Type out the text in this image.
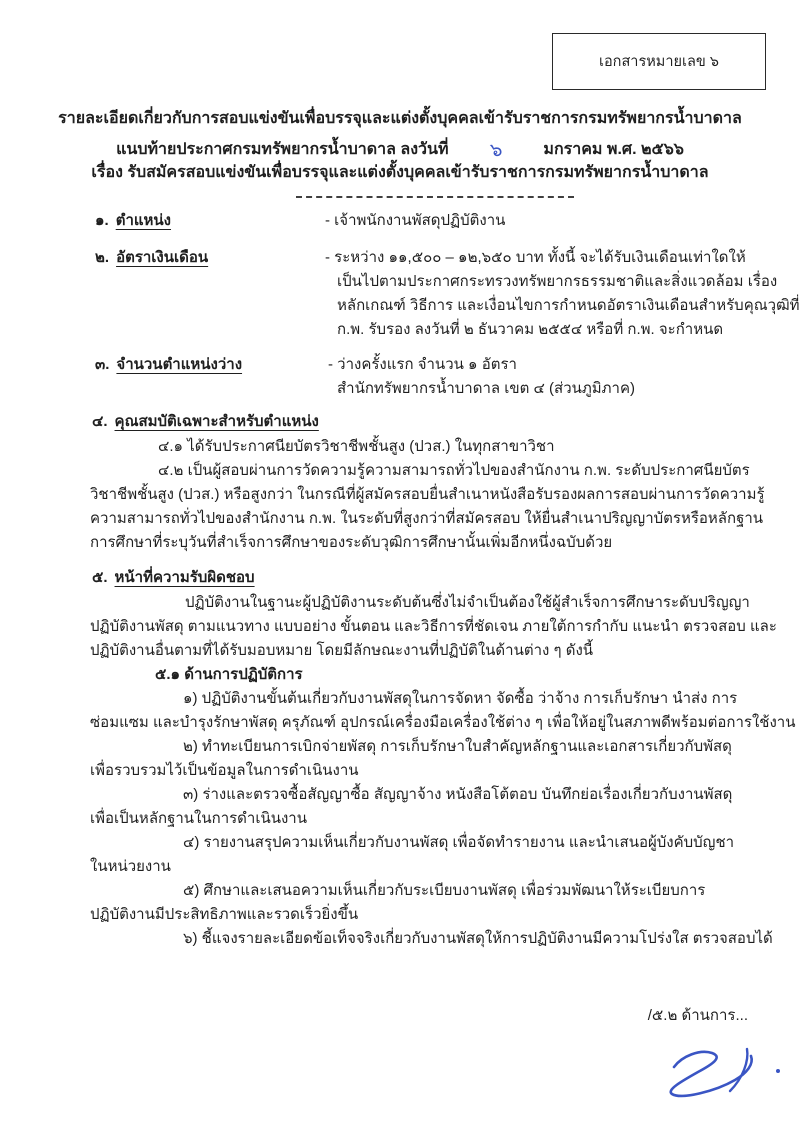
เอกสารหมายเลข ๖
รายละเอียดเกี่ยวกับการสอบแข่งขันเพื่อบรรจุและแต่งตั้งบุคคลเข้ารับราชการกรมทรัพยากรน้ำบาดาล
แนบท้ายประกาศกรมทรัพยากรน้ำบาดาล ลงวันที่ ๖	มกราคม พ.ศ. ๒๕๖๖
เรื่อง รับสมัครสอบแข่งขันเพื่อบรรจุและแต่งตั้งบุคคลเข้ารับราชการกรมทรัพยากรน้ำบาดาล
๑. ตำแหน่ง	- เจ้าพนักงานพัสดุปฏิบัติงาน
๒. อัตราเงินเดือน	- ระหว่าง ๑๑,๕๐๐ – ๑๒,๖๕๐ บาท ทั้งนี้ จะได้รับเงินเดือนเท่าใดให้
เป็นไปตามประกาศกระทรวงทรัพยากรธรรมชาติและสิ่งแวดล้อม เรื่อง
หลักเกณฑ์ วิธีการ และเงื่อนไขการกำหนดอัตราเงินเดือนสำหรับคุณวุฒิที่
ก.พ. รับรอง ลงวันที่ ๒ ธันวาคม ๒๕๕๔ หรือที่ ก.พ. จะกำหนด
๓. จำนวนตำแหน่งว่าง	- ว่างครั้งแรก จำนวน ๑ อัตรา
สำนักทรัพยากรน้ำบาดาล เขต ๔ (ส่วนภูมิภาค)
๔. คุณสมบัติเฉพาะสำหรับตำแหน่ง
๔.๑ ได้รับประกาศนียบัตรวิชาชีพชั้นสูง (ปวส.) ในทุกสาขาวิชา
๔.๒ เป็นผู้สอบผ่านการวัดความรู้ความสามารถทั่วไปของสำนักงาน ก.พ. ระดับประกาศนียบัตร
วิชาชีพชั้นสูง (ปวส.) หรือสูงกว่า ในกรณีที่ผู้สมัครสอบยื่นสำเนาหนังสือรับรองผลการสอบผ่านการวัดความรู้
ความสามารถทั่วไปของสำนักงาน ก.พ. ในระดับที่สูงกว่าที่สมัครสอบ ให้ยื่นสำเนาปริญญาบัตรหรือหลักฐาน
การศึกษาที่ระบุวันที่สำเร็จการศึกษาของระดับวุฒิการศึกษานั้นเพิ่มอีกหนึ่งฉบับด้วย
๕. หน้าที่ความรับผิดชอบ
ปฏิบัติงานในฐานะผู้ปฏิบัติงานระดับต้นซึ่งไม่จำเป็นต้องใช้ผู้สำเร็จการศึกษาระดับปริญญา
ปฏิบัติงานพัสดุ ตามแนวทาง แบบอย่าง ขั้นตอน และวิธีการที่ชัดเจน ภายใต้การกำกับ แนะนำ ตรวจสอบ และ
ปฏิบัติงานอื่นตามที่ได้รับมอบหมาย โดยมีลักษณะงานที่ปฏิบัติในด้านต่าง ๆ ดังนี้
๕.๑ ด้านการปฏิบัติการ
๑) ปฏิบัติงานขั้นต้นเกี่ยวกับงานพัสดุในการจัดหา จัดซื้อ ว่าจ้าง การเก็บรักษา นำส่ง การ
ซ่อมแซม และบำรุงรักษาพัสดุ ครุภัณฑ์ อุปกรณ์เครื่องมือเครื่องใช้ต่าง ๆ เพื่อให้อยู่ในสภาพดีพร้อมต่อการใช้งาน
๒) ทำทะเบียนการเบิกจ่ายพัสดุ การเก็บรักษาใบสำคัญหลักฐานและเอกสารเกี่ยวกับพัสดุ
เพื่อรวบรวมไว้เป็นข้อมูลในการดำเนินงาน
๓) ร่างและตรวจซื้อสัญญาซื้อ สัญญาจ้าง หนังสือโต้ตอบ บันทึกย่อเรื่องเกี่ยวกับงานพัสดุ
เพื่อเป็นหลักฐานในการดำเนินงาน
๔) รายงานสรุปความเห็นเกี่ยวกับงานพัสดุ เพื่อจัดทำรายงาน และนำเสนอผู้บังคับบัญชา
ในหน่วยงาน
๕) ศึกษาและเสนอความเห็นเกี่ยวกับระเบียบงานพัสดุ เพื่อร่วมพัฒนาให้ระเบียบการ
ปฏิบัติงานมีประสิทธิภาพและรวดเร็วยิ่งขึ้น
๖) ชี้แจงรายละเอียดข้อเท็จจริงเกี่ยวกับงานพัสดุให้การปฏิบัติงานมีความโปร่งใส ตรวจสอบได้
/๕.๒ ด้านการ...
